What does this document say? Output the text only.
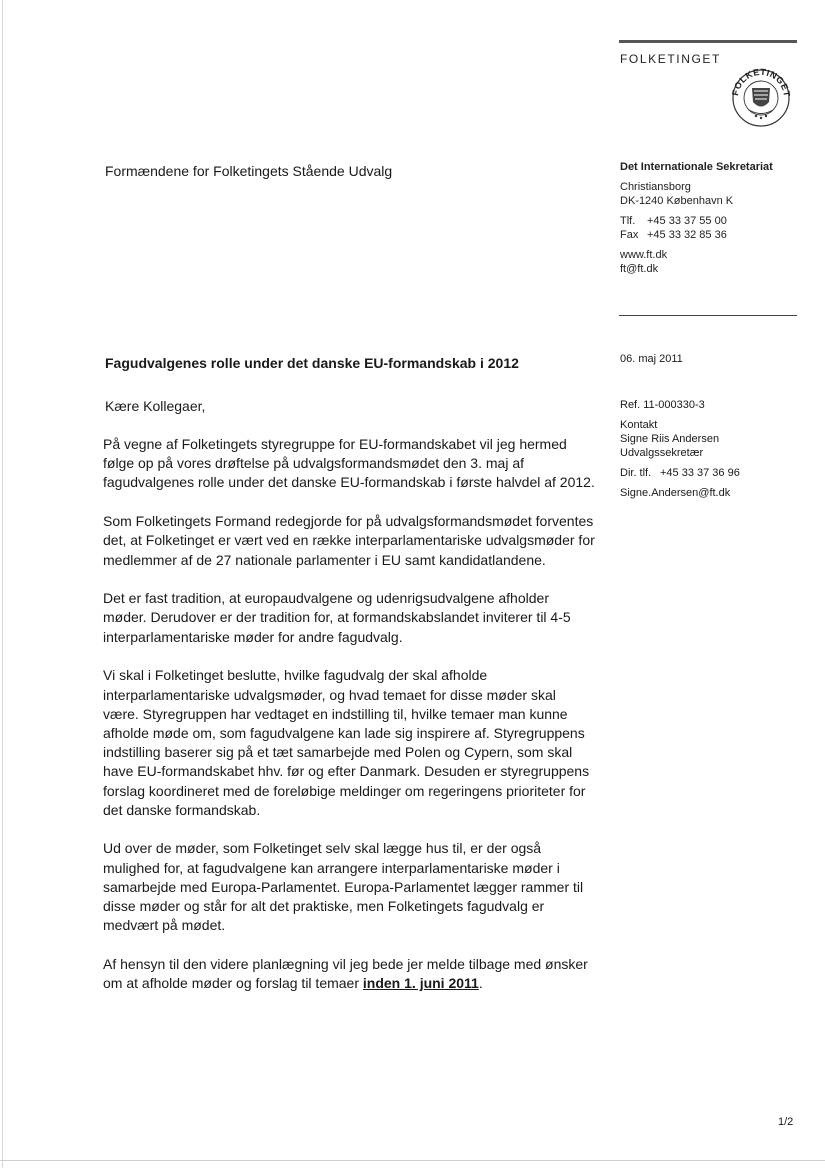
FOLKETINGET
FOLKETINGET
Formændene for Folketingets Stående Udvalg	Det Internationale Sekretariat
Christiansborg
DK-1240 København K
Tlf.	+45 33 37 55 00
Fax +45 33 32 85 36
www.ft.dk
ft@ft.dk
06. maj 2011
Ref. 11-000330-3
Kontakt
Signe Riis Andersen
Udvalgssekretær
Dir. tlf. +45 33 37 36 96
Signe.Andersen@ft.dk
Fagudvalgenes rolle under det danske EU-formandskab i 2012
Kære Kollegaer,

På vegne af Folketingets styregruppe for EU-formandskabet vil jeg hermed følge op på vores drøftelse på udvalgsformandsmødet den 3. maj af fagudvalgenes rolle under det danske EU-formandskab i første halvdel af 2012.

Som Folketingets Formand redegjorde for på udvalgsformandsmødet forventes det, at Folketinget er vært ved en række interparlamentariske udvalgsmøder for medlemmer af de 27 nationale parlamenter i EU samt kandidatlandene.

Det er fast tradition, at europaudvalgene og udenrigsudvalgene afholder møder. Derudover er der tradition for, at formandskabslandet inviterer til 4-5 interparlamentariske møder for andre fagudvalg.

Vi skal i Folketinget beslutte, hvilke fagudvalg der skal afholde interparlamentariske udvalgsmøder, og hvad temaet for disse møder skal være. Styregruppen har vedtaget en indstilling til, hvilke temaer man kunne afholde møde om, som fagudvalgene kan lade sig inspirere af. Styregruppens indstilling baserer sig på et tæt samarbejde med Polen og Cypern, som skal have EU-formandskabet hhv. før og efter Danmark. Desuden er styregruppens forslag koordineret med de foreløbige meldinger om regeringens prioriteter for det danske formandskab.

Ud over de møder, som Folketinget selv skal lægge hus til, er der også mulighed for, at fagudvalgene kan arrangere interparlamentariske møder i samarbejde med Europa-Parlamentet. Europa-Parlamentet lægger rammer til disse møder og står for alt det praktiske, men Folketingets fagudvalg er medvært på mødet.

Af hensyn til den videre planlægning vil jeg bede jer melde tilbage med ønsker om at afholde møder og forslag til temaer inden 1. juni 2011.

1/2
